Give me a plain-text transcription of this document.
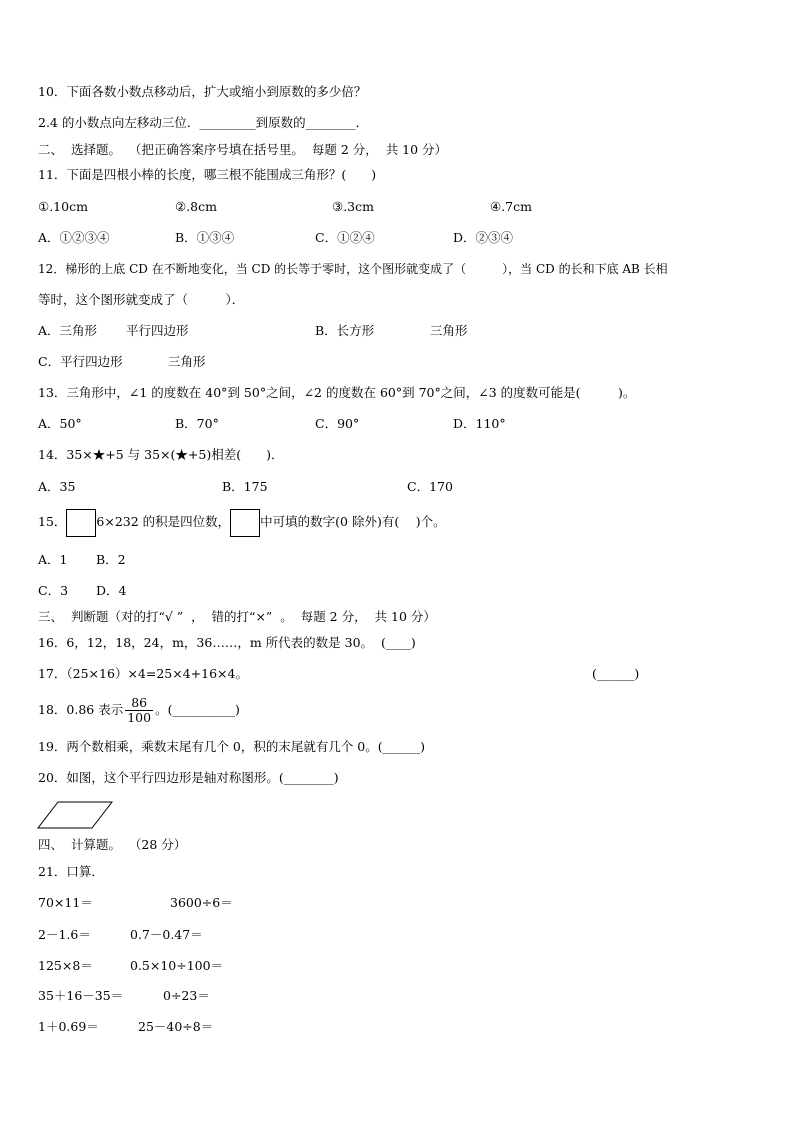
10．下面各数小数点移动后，扩大或缩小到原数的多少倍？
2.4 的小数点向左移动三位．_________到原数的________．
二、  选择题。  （把正确答案序号填在括号里。  每题 2 分，  共 10 分）
11．下面是四根小棒的长度，哪三根不能围成三角形？(　　)
①.10cm	②.8cm	③.3cm	④.7cm
A．①②③④	B．①③④	C．①②④	D．②③④
12．梯形的上底 CD 在不断地变化，当 CD 的长等于零时，这个图形就变成了（　　　），当 CD 的长和下底 AB 长相
等时，这个图形就变成了（　　　）．
A．三角形 平行四边形	B．长方形	三角形
C．平行四边形	三角形
13．三角形中，∠1 的度数在 40°到 50°之间，∠2 的度数在 60°到 70°之间，∠3 的度数可能是(　　　)。
A．50°	B．70°	C．90°	D．110°
14．35×★+5 与 35×(★+5)相差(　　)．
A．35	B．175	C．170
15． 6×232 的积是四位数， 中可填的数字(0 除外)有(　 )个。
A．1 B．2
C．3 D．4
三、  判断题（对的打“√ ”  ，  错的打“×”  。  每题 2 分，  共 10 分）
16．6，12，18，24，m，36……，m 所代表的数是 30。  (____)
17．（25×16）×4=25×4+16×4。	(______)
18．0.86 表示 $\frac{86}{100}$ 。(__________)
19．两个数相乘，乘数末尾有几个 0，积的末尾就有几个 0。(______)
20．如图，这个平行四边形是轴对称图形。(________)
四、  计算题。  （28 分）
21．口算．
70×11＝	3600÷6＝
2－1.6＝	0.7－0.47＝
125×8＝	0.5×10÷100＝
35＋16－35＝	0÷23＝
1＋0.69＝	25－40÷8＝
